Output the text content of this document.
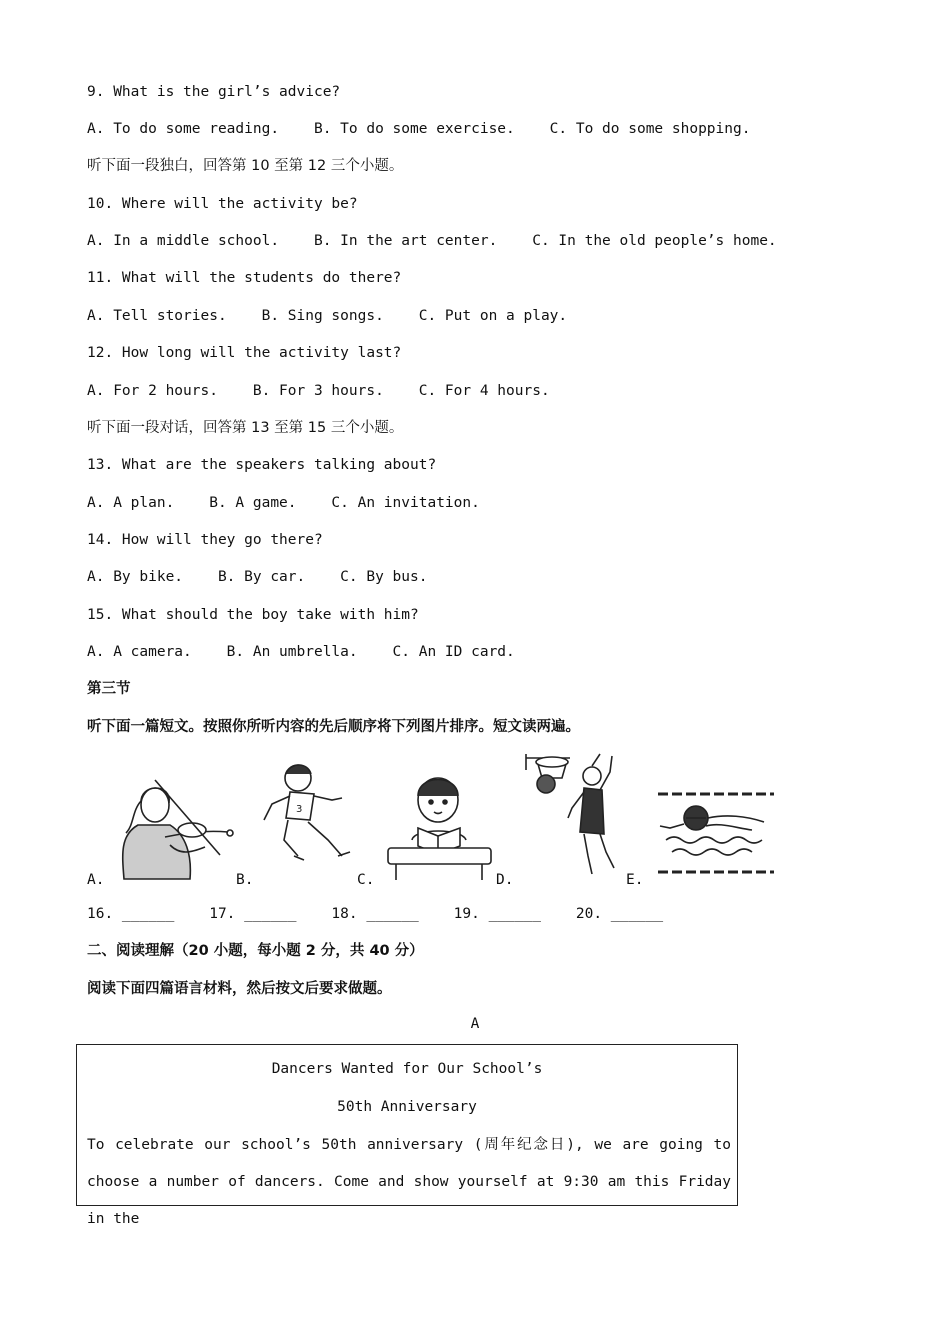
9. What is the girl’s advice?
A. To do some reading.    B. To do some exercise.    C. To do some shopping.
听下面一段独白，回答第 10 至第 12 三个小题。
10. Where will the activity be?
A. In a middle school.    B. In the art center.    C. In the old people’s home.
11. What will the students do there?
A. Tell stories.    B. Sing songs.    C. Put on a play.
12. How long will the activity last?
A. For 2 hours.    B. For 3 hours.    C. For 4 hours.
听下面一段对话，回答第 13 至第 15 三个小题。
13. What are the speakers talking about?
A. A plan.    B. A game.    C. An invitation.
14. How will they go there?
A. By bike.    B. By car.    C. By bus.
15. What should the boy take with him?
A. A camera.    B. An umbrella.    C. An ID card.
第三节
听下面一篇短文。按照你所听内容的先后顺序将下列图片排序。短文读两遍。
A.	B.
3
C.	D.	E.
16. ______    17. ______    18. ______    19. ______    20. ______
二、阅读理解（20 小题，每小题 2 分，共 40 分）
阅读下面四篇语言材料，然后按文后要求做题。
A
Dancers Wanted for Our School’s
50th Anniversary
To celebrate our school’s 50th anniversary (周年纪念日), we are going to choose a number of dancers. Come and show yourself at 9:30 am this Friday in the
